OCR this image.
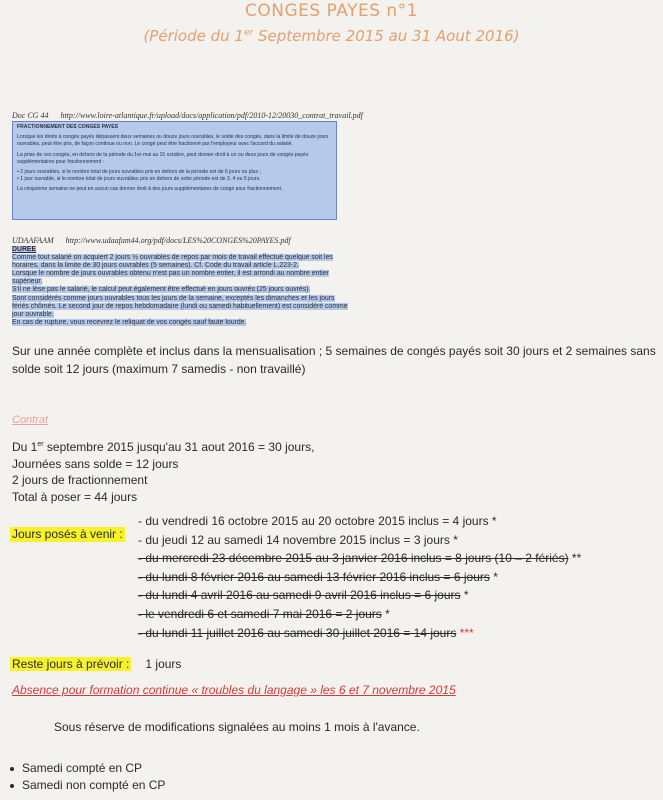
CONGES PAYES n°1
(Période du 1er Septembre 2015 au 31 Aout 2016)
Doc CG 44 http://www.loire-atlantique.fr/upload/docs/application/pdf/2010-12/20030_contrat_travail.pdf

FRACTIONNEMENT DES CONGES PAYES

Lorsque les droits à congés payés dépassent deux semaines ou douze jours ouvrables, le solde des congés, dans la limite de douze jours ouvrables, peut être pris, de façon continue ou non. Le congé peut être fractionné par l'employeur avec l'accord du salarié.

La prise de ces congés, en dehors de la période du 1er mai au 31 octobre, peut donner droit à un ou deux jours de congés payés supplémentaires pour fractionnement :

• 2 jours ouvrables, si le nombre total de jours ouvrables pris en dehors de la période est de 6 jours ou plus ;

• 1 jour ouvrable, si le nombre total de jours ouvrables pris en dehors de cette période est de 3, 4 ou 5 jours.

La cinquième semaine ne peut en aucun cas donner droit à des jours supplémentaires de congé pour fractionnement.

UDAAFAAM http://www.udaafam44.org/pdf/docs/LES%20CONGES%20PAYES.pdf

DUREE

Comme tout salarié on acquiert 2 jours ½ ouvrables de repos par mois de travail effectué quelque soit les horaires, dans la limite de 30 jours ouvrables (5 semaines). Cf. Code du travail article L.223-2.

Lorsque le nombre de jours ouvrables obtenu n'est pas un nombre entier, il est arrondi au nombre entier supérieur.

S'il ne lèse pas le salarié, le calcul peut également être effectué en jours ouvrés (25 jours ouvrés).

Sont considérés comme jours ouvrables tous les jours de la semaine, exceptés les dimanches et les jours fériés chômés. Le second jour de repos hebdomadaire (lundi ou samedi habituellement) est considéré comme jour ouvrable.

En cas de rupture, vous recevrez le reliquat de vos congés sauf faute lourde.

Sur une année complète et inclus dans la mensualisation ; 5 semaines de congés payés soit 30 jours et 2 semaines sans solde soit 12 jours (maximum 7 samedis - non travaillé)
Contrat
Du 1er septembre 2015 jusqu'au 31 aout 2016 = 30 jours,
Journées sans solde = 12 jours
2 jours de fractionnement
Total à poser = 44 jours
Jours posés à venir :
- du vendredi 16 octobre 2015 au 20 octobre 2015 inclus = 4 jours *
- du jeudi 12 au samedi 14 novembre 2015 inclus = 3 jours *
- du mercredi 23 décembre 2015 au 3 janvier 2016 inclus = 8 jours (10 – 2 fériés) **
- du lundi 8 février 2016 au samedi 13 février 2016 inclus = 6 jours *
- du lundi 4 avril 2016 au samedi 9 avril 2016 inclus = 6 jours *
- le vendredi 6 et samedi 7 mai 2016 = 2 jours *
- du lundi 11 juillet 2016 au samedi 30 juillet 2016 = 14 jours ***
Reste jours à prévoir : 1 jours
Absence pour formation continue « troubles du langage » les 6 et 7 novembre 2015
Sous réserve de modifications signalées au moins 1 mois à l'avance.
Samedi compté en CP
Samedi non compté en CP
